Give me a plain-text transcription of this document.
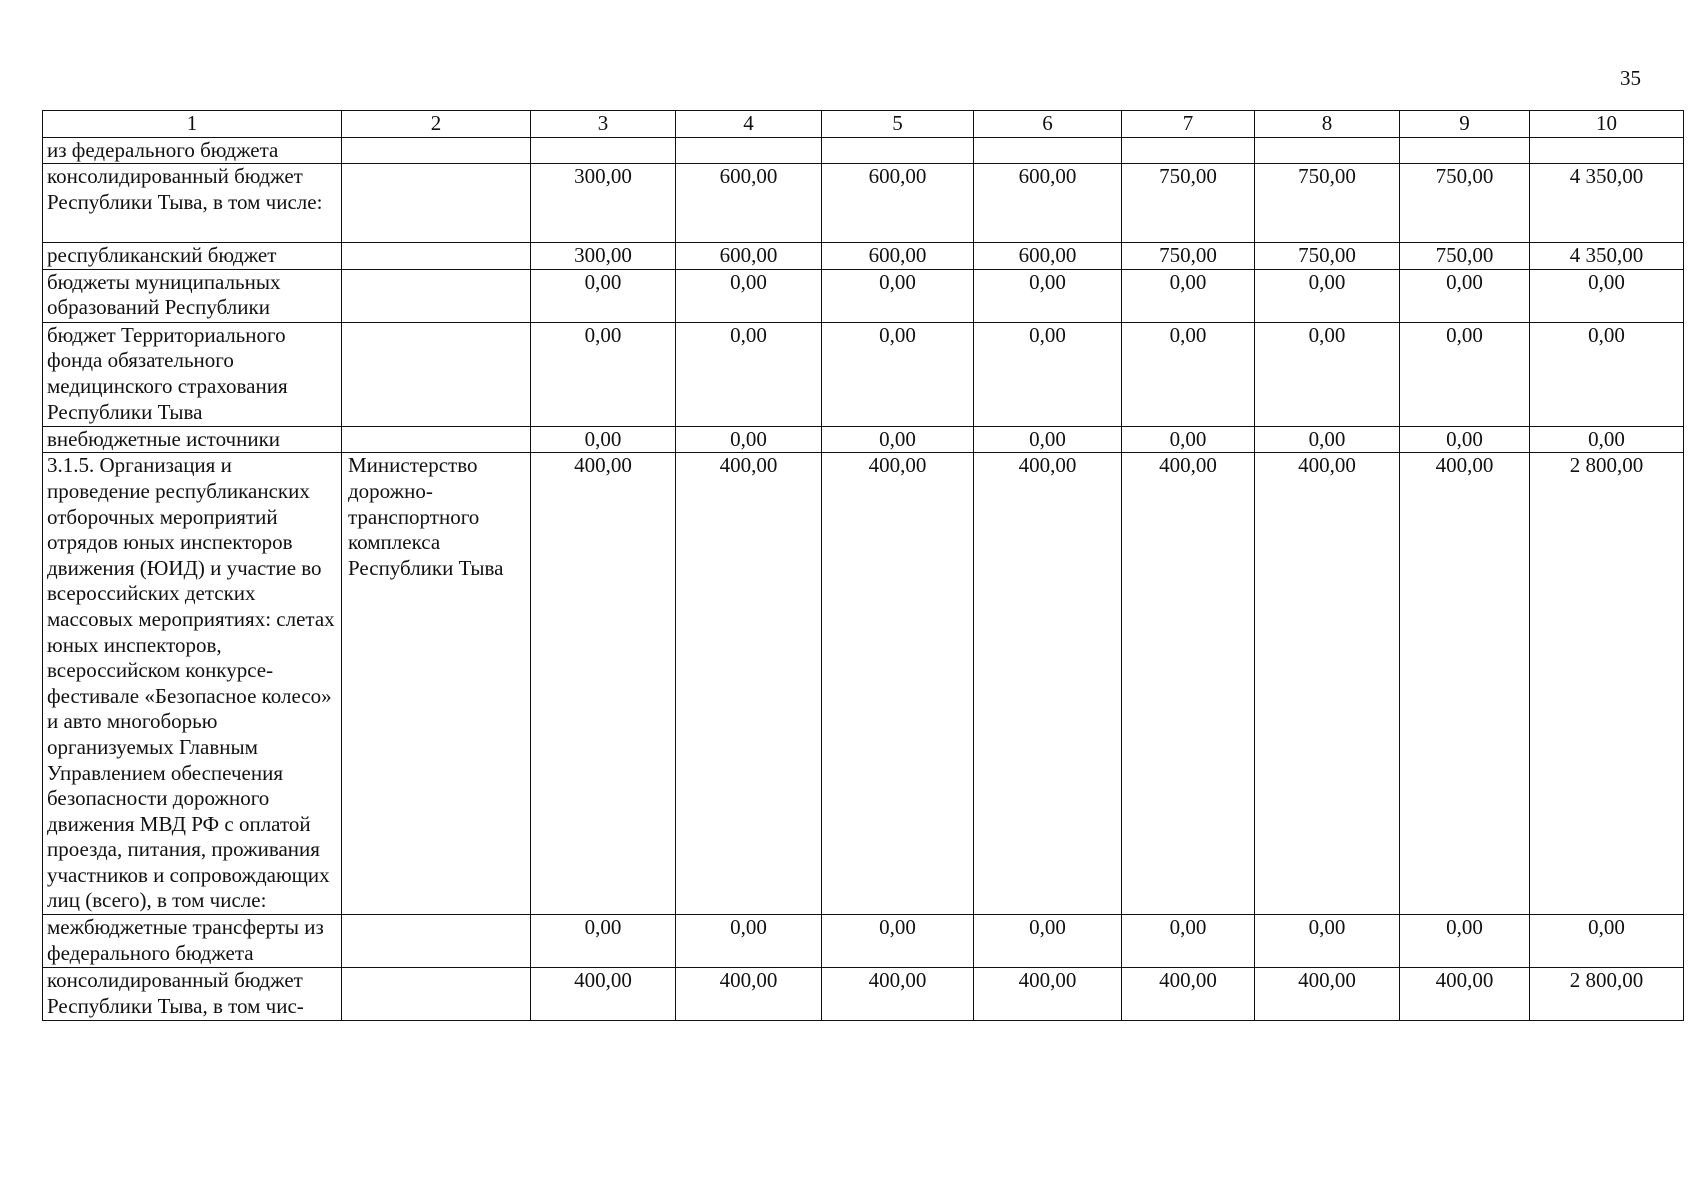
35
1	2	3	4	5	6	7	8	9	10
из федерального бюджета									
консолидированный бюджет Республики Тыва, в том числе:		300,00	600,00	600,00	600,00	750,00	750,00	750,00	4 350,00
республиканский бюджет		300,00	600,00	600,00	600,00	750,00	750,00	750,00	4 350,00
бюджеты муниципальных образований Республики		0,00	0,00	0,00	0,00	0,00	0,00	0,00	0,00
бюджет Территориального фонда обязательного медицинского страхования Республики Тыва		0,00	0,00	0,00	0,00	0,00	0,00	0,00	0,00
внебюджетные источники		0,00	0,00	0,00	0,00	0,00	0,00	0,00	0,00
3.1.5. Организация и проведение республиканских отборочных мероприятий отрядов юных инспекторов движения (ЮИД) и участие во всероссийских детских массовых мероприятиях: слетах юных инспекторов, всероссийском конкурсе-фестивале «Безопасное колесо» и авто многоборью организуемых Главным Управлением обеспечения безопасности дорожного движения МВД РФ с оплатой проезда, питания, проживания участников и сопровождающих лиц (всего), в том числе:	Министерство дорожно-транспортного комплекса Республики Тыва	400,00	400,00	400,00	400,00	400,00	400,00	400,00	2 800,00
межбюджетные трансферты из федерального бюджета		0,00	0,00	0,00	0,00	0,00	0,00	0,00	0,00
консолидированный бюджет Республики Тыва, в том чис-		400,00	400,00	400,00	400,00	400,00	400,00	400,00	2 800,00
